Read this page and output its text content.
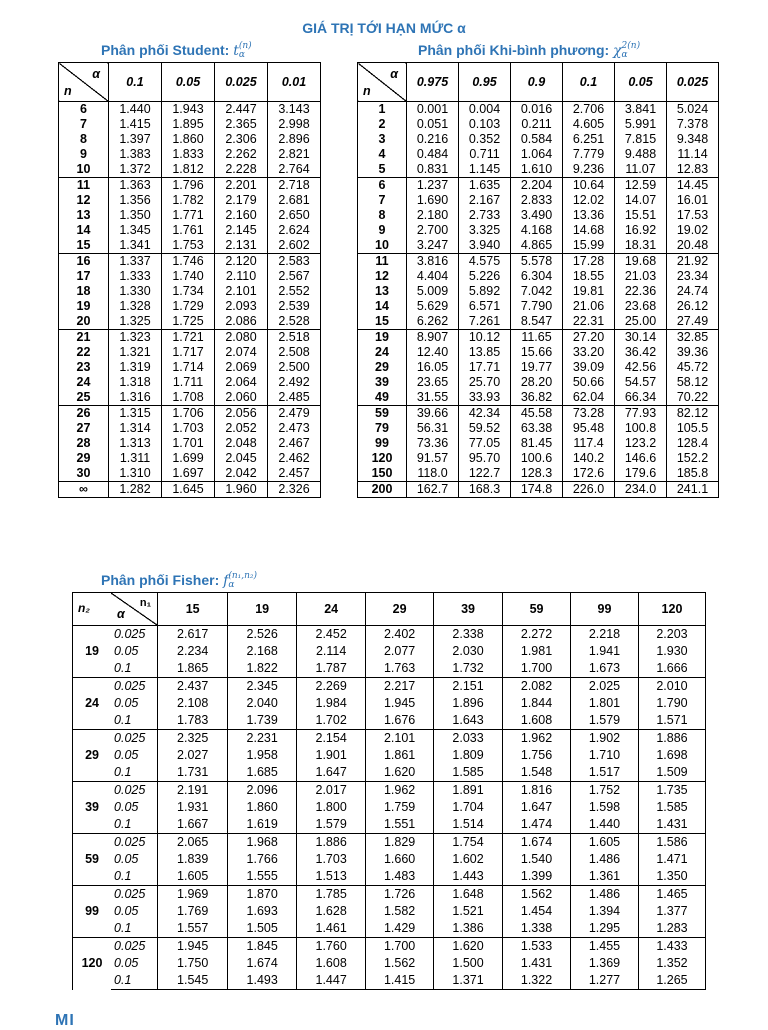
GIÁ TRỊ TỚI HẠN MỨC α
Phân phối Student: t(n)
α	Phân phối Khi-bình phương: χ2(n)
α
Phân phối Fisher: f(n₁,n₂)
α
α
n	0.1	0.05	0.025	0.01
6	1.440	1.943	2.447	3.143
7	1.415	1.895	2.365	2.998
8	1.397	1.860	2.306	2.896
9	1.383	1.833	2.262	2.821
10	1.372	1.812	2.228	2.764
11	1.363	1.796	2.201	2.718
12	1.356	1.782	2.179	2.681
13	1.350	1.771	2.160	2.650
14	1.345	1.761	2.145	2.624
15	1.341	1.753	2.131	2.602
16	1.337	1.746	2.120	2.583
17	1.333	1.740	2.110	2.567
18	1.330	1.734	2.101	2.552
19	1.328	1.729	2.093	2.539
20	1.325	1.725	2.086	2.528
21	1.323	1.721	2.080	2.518
22	1.321	1.717	2.074	2.508
23	1.319	1.714	2.069	2.500
24	1.318	1.711	2.064	2.492
25	1.316	1.708	2.060	2.485
26	1.315	1.706	2.056	2.479
27	1.314	1.703	2.052	2.473
28	1.313	1.701	2.048	2.467
29	1.311	1.699	2.045	2.462
30	1.310	1.697	2.042	2.457
∞	1.282	1.645	1.960	2.326
α
n	0.975	0.95	0.9	0.1	0.05	0.025
1	0.001	0.004	0.016	2.706	3.841	5.024
2	0.051	0.103	0.211	4.605	5.991	7.378
3	0.216	0.352	0.584	6.251	7.815	9.348
4	0.484	0.711	1.064	7.779	9.488	11.14
5	0.831	1.145	1.610	9.236	11.07	12.83
6	1.237	1.635	2.204	10.64	12.59	14.45
7	1.690	2.167	2.833	12.02	14.07	16.01
8	2.180	2.733	3.490	13.36	15.51	17.53
9	2.700	3.325	4.168	14.68	16.92	19.02
10	3.247	3.940	4.865	15.99	18.31	20.48
11	3.816	4.575	5.578	17.28	19.68	21.92
12	4.404	5.226	6.304	18.55	21.03	23.34
13	5.009	5.892	7.042	19.81	22.36	24.74
14	5.629	6.571	7.790	21.06	23.68	26.12
15	6.262	7.261	8.547	22.31	25.00	27.49
19	8.907	10.12	11.65	27.20	30.14	32.85
24	12.40	13.85	15.66	33.20	36.42	39.36
29	16.05	17.71	19.77	39.09	42.56	45.72
39	23.65	25.70	28.20	50.66	54.57	58.12
49	31.55	33.93	36.82	62.04	66.34	70.22
59	39.66	42.34	45.58	73.28	77.93	82.12
79	56.31	59.52	63.38	95.48	100.8	105.5
99	73.36	77.05	81.45	117.4	123.2	128.4
120	91.57	95.70	100.6	140.2	146.6	152.2
150	118.0	122.7	128.3	172.6	179.6	185.8
200	162.7	168.3	174.8	226.0	234.0	241.1
n₂ n₁
α		15	19	24	29	39	59	99	120
19	0.025	2.617	2.526	2.452	2.402	2.338	2.272	2.218	2.203
	0.05	2.234	2.168	2.114	2.077	2.030	1.981	1.941	1.930
	0.1	1.865	1.822	1.787	1.763	1.732	1.700	1.673	1.666
24	0.025	2.437	2.345	2.269	2.217	2.151	2.082	2.025	2.010
	0.05	2.108	2.040	1.984	1.945	1.896	1.844	1.801	1.790
	0.1	1.783	1.739	1.702	1.676	1.643	1.608	1.579	1.571
29	0.025	2.325	2.231	2.154	2.101	2.033	1.962	1.902	1.886
	0.05	2.027	1.958	1.901	1.861	1.809	1.756	1.710	1.698
	0.1	1.731	1.685	1.647	1.620	1.585	1.548	1.517	1.509
39	0.025	2.191	2.096	2.017	1.962	1.891	1.816	1.752	1.735
	0.05	1.931	1.860	1.800	1.759	1.704	1.647	1.598	1.585
	0.1	1.667	1.619	1.579	1.551	1.514	1.474	1.440	1.431
59	0.025	2.065	1.968	1.886	1.829	1.754	1.674	1.605	1.586
	0.05	1.839	1.766	1.703	1.660	1.602	1.540	1.486	1.471
	0.1	1.605	1.555	1.513	1.483	1.443	1.399	1.361	1.350
99	0.025	1.969	1.870	1.785	1.726	1.648	1.562	1.486	1.465
	0.05	1.769	1.693	1.628	1.582	1.521	1.454	1.394	1.377
	0.1	1.557	1.505	1.461	1.429	1.386	1.338	1.295	1.283
120	0.025	1.945	1.845	1.760	1.700	1.620	1.533	1.455	1.433
	0.05	1.750	1.674	1.608	1.562	1.500	1.431	1.369	1.352
	0.1	1.545	1.493	1.447	1.415	1.371	1.322	1.277	1.265
MI
